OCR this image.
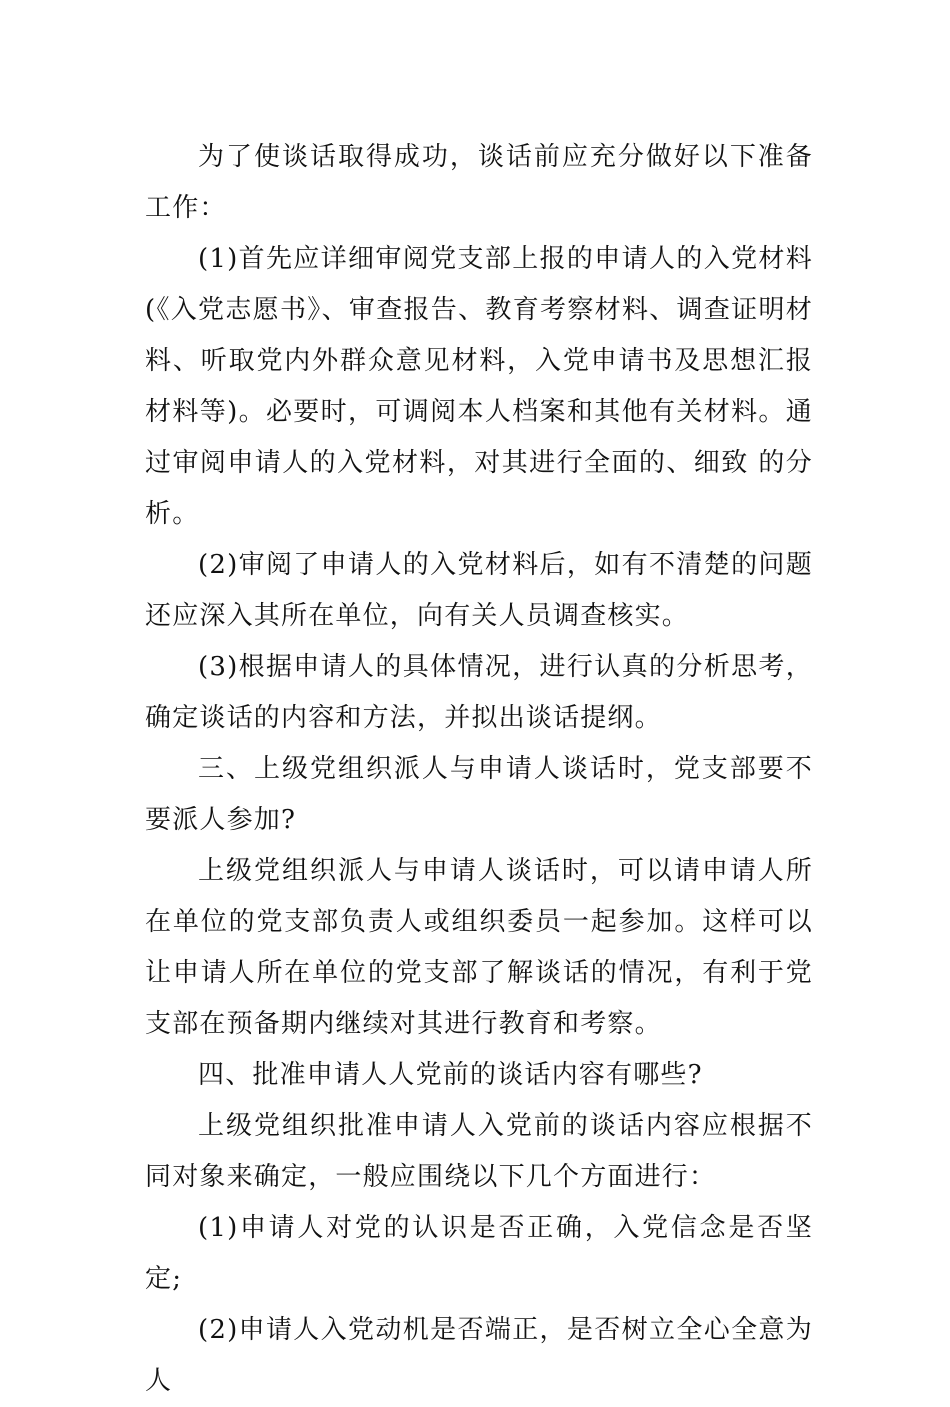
为了使谈话取得成功，谈话前应充分做好以下准备工作：

(1)首先应详细审阅党支部上报的申请人的入党材料(《入党志愿书》、审查报告、教育考察材料、调查证明材料、听取党内外群众意见材料，入党申请书及思想汇报材料等)。必要时，可调阅本人档案和其他有关材料。通过审阅申请人的入党材料，对其进行全面的、细致 的分析。

(2)审阅了申请人的入党材料后，如有不清楚的问题还应深入其所在单位，向有关人员调查核实。

(3)根据申请人的具体情况，进行认真的分析思考，确定谈话的内容和方法，并拟出谈话提纲。

三、上级党组织派人与申请人谈话时，党支部要不要派人参加?

上级党组织派人与申请人谈话时，可以请申请人所在单位的党支部负责人或组织委员一起参加。这样可以让申请人所在单位的党支部了解谈话的情况，有利于党支部在预备期内继续对其进行教育和考察。

四、批准申请人人党前的谈话内容有哪些?

上级党组织批准申请人入党前的谈话内容应根据不同对象来确定，一般应围绕以下几个方面进行：

(1)申请人对党的认识是否正确，入党信念是否坚定;

(2)申请人入党动机是否端正，是否树立全心全意为人
